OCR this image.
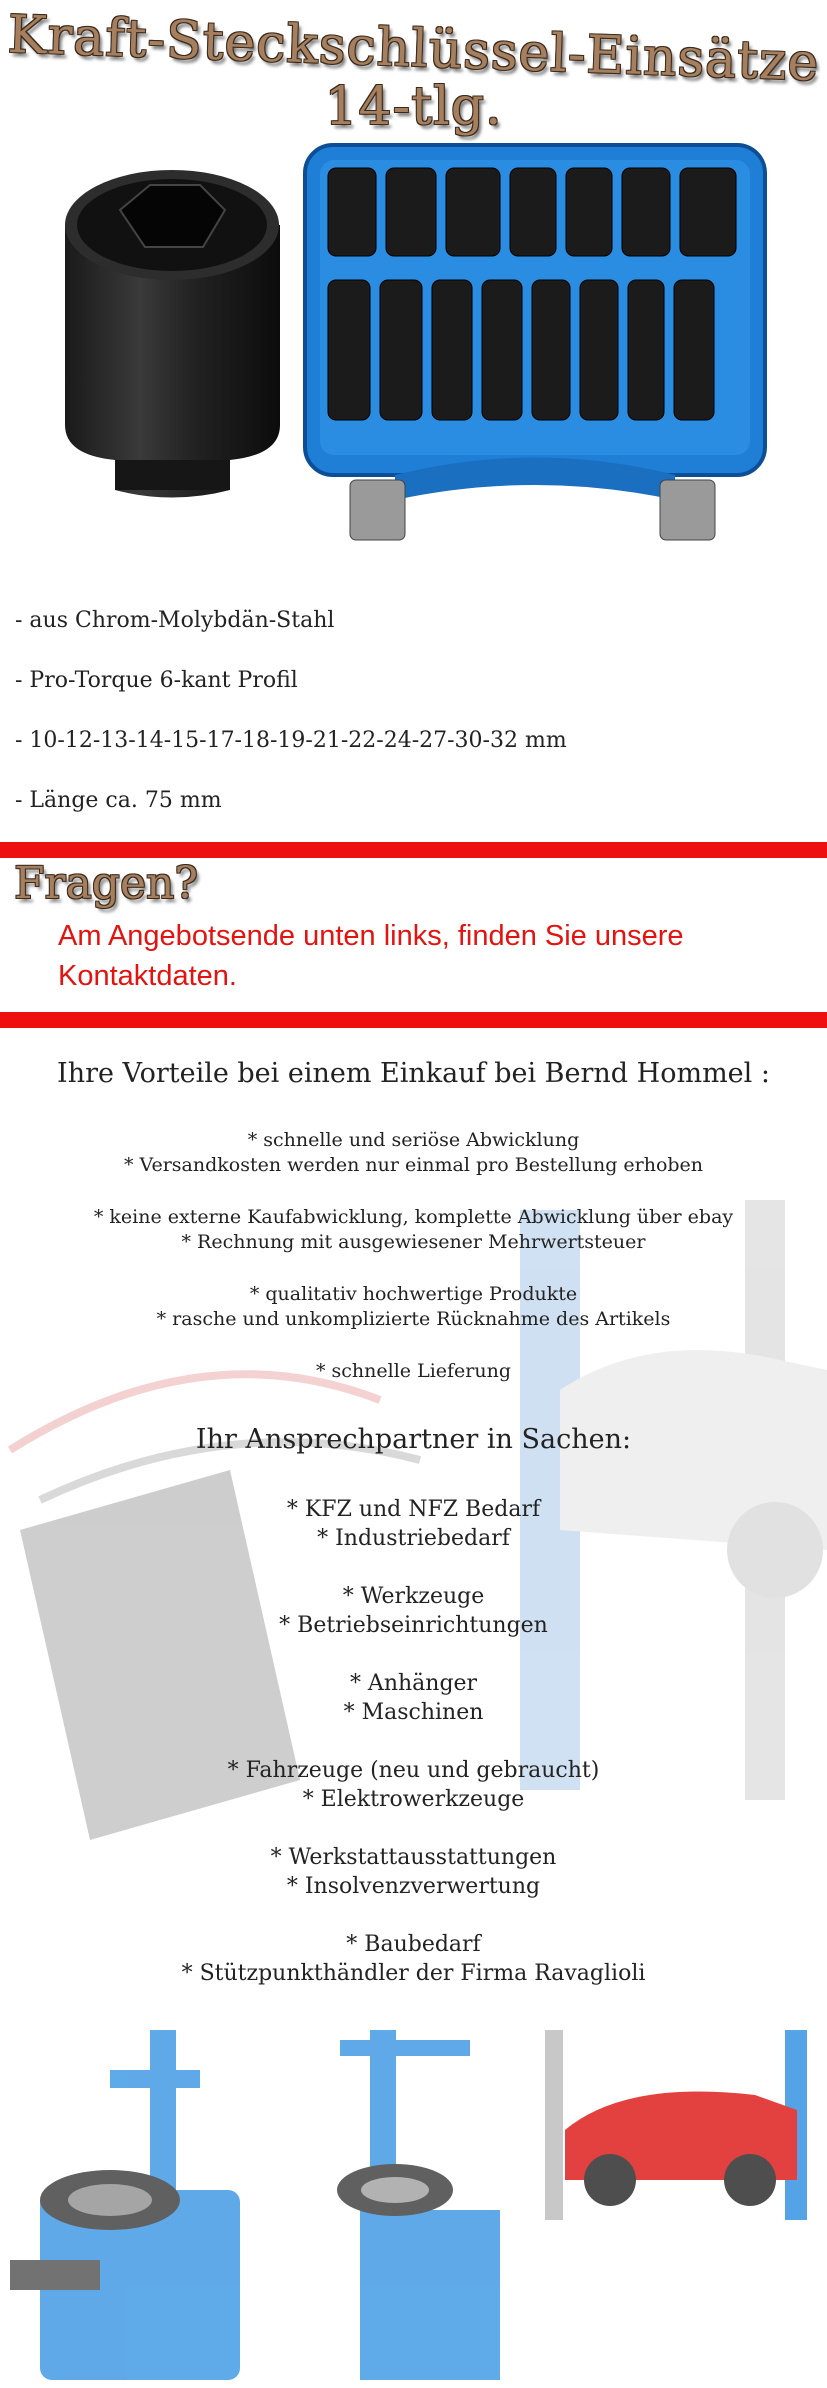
Kraft-Steckschlüssel-Einsätze
14-tlg.
- aus Chrom-Molybdän-Stahl
- Pro-Torque 6-kant Profil
- 10-12-13-14-15-17-18-19-21-22-24-27-30-32 mm
- Länge ca. 75 mm
Fragen?
Am Angebotsende unten links, finden Sie unsere Kontaktdaten.
Ihre Vorteile bei einem Einkauf bei Bernd Hommel :
* schnelle und seriöse Abwicklung
* Versandkosten werden nur einmal pro Bestellung erhoben
* keine externe Kaufabwicklung, komplette Abwicklung über ebay
* Rechnung mit ausgewiesener Mehrwertsteuer
* qualitativ hochwertige Produkte
* rasche und unkomplizierte Rücknahme des Artikels
* schnelle Lieferung
Ihr Ansprechpartner in Sachen:
* KFZ und NFZ Bedarf
* Industriebedarf
* Werkzeuge
* Betriebseinrichtungen
* Anhänger
* Maschinen
* Fahrzeuge (neu und gebraucht)
* Elektrowerkzeuge
* Werkstattausstattungen
* Insolvenzverwertung
* Baubedarf
* Stützpunkthändler der Firma Ravaglioli
